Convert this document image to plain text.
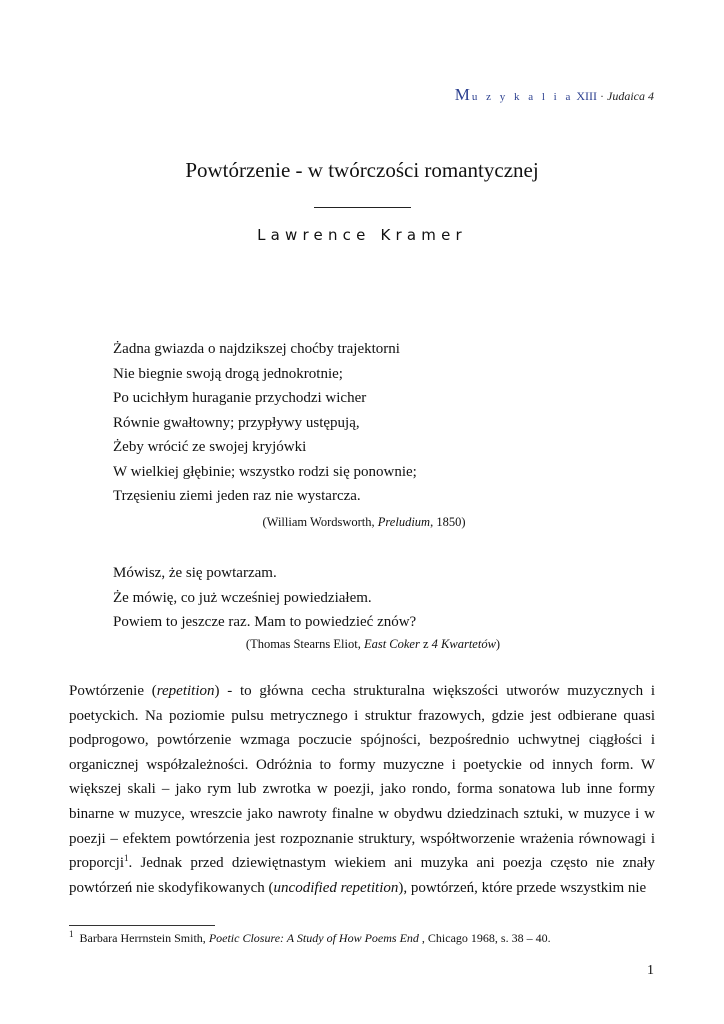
Mu z y k a l i a XIII · Judaica 4
Powtórzenie - w twórczości romantycznej
Lawrence Kramer
Żadna gwiazda o najdzikszej choćby trajektorni
Nie biegnie swoją drogą jednokrotnie;
Po ucichłym huraganie przychodzi wicher
Równie gwałtowny; przypływy ustępują,
Żeby wrócić ze swojej kryjówki
W wielkiej głębinie; wszystko rodzi się ponownie;
Trzęsieniu ziemi jeden raz nie wystarcza.
(William Wordsworth, Preludium, 1850)
Mówisz, że się powtarzam.
Że mówię, co już wcześniej powiedziałem.
Powiem to jeszcze raz. Mam to powiedzieć znów?
(Thomas Stearns Eliot, East Coker z 4 Kwartetów)

Powtórzenie (repetition) - to główna cecha strukturalna większości utworów muzycznych i poetyckich. Na poziomie pulsu metrycznego i struktur frazowych, gdzie jest odbierane quasi podprogowo, powtórzenie wzmaga poczucie spójności, bezpośrednio uchwytnej ciągłości i organicznej współzależności. Odróżnia to formy muzyczne i poetyckie od innych form. W większej skali – jako rym lub zwrotka w poezji, jako rondo, forma sonatowa lub inne formy binarne w muzyce, wreszcie jako nawroty finalne w obydwu dziedzinach sztuki, w muzyce i w poezji – efektem powtórzenia jest rozpoznanie struktury, współtworzenie wrażenia równowagi i proporcji$^1$. Jednak przed dziewiętnastym wiekiem ani muzyka ani poezja często nie znały powtórzeń nie skodyfikowanych (uncodified repetition), powtórzeń, które przede wszystkim nie

$^1$ Barbara Herrnstein Smith, Poetic Closure: A Study of How Poems End , Chicago 1968, s. 38 – 40.
1
